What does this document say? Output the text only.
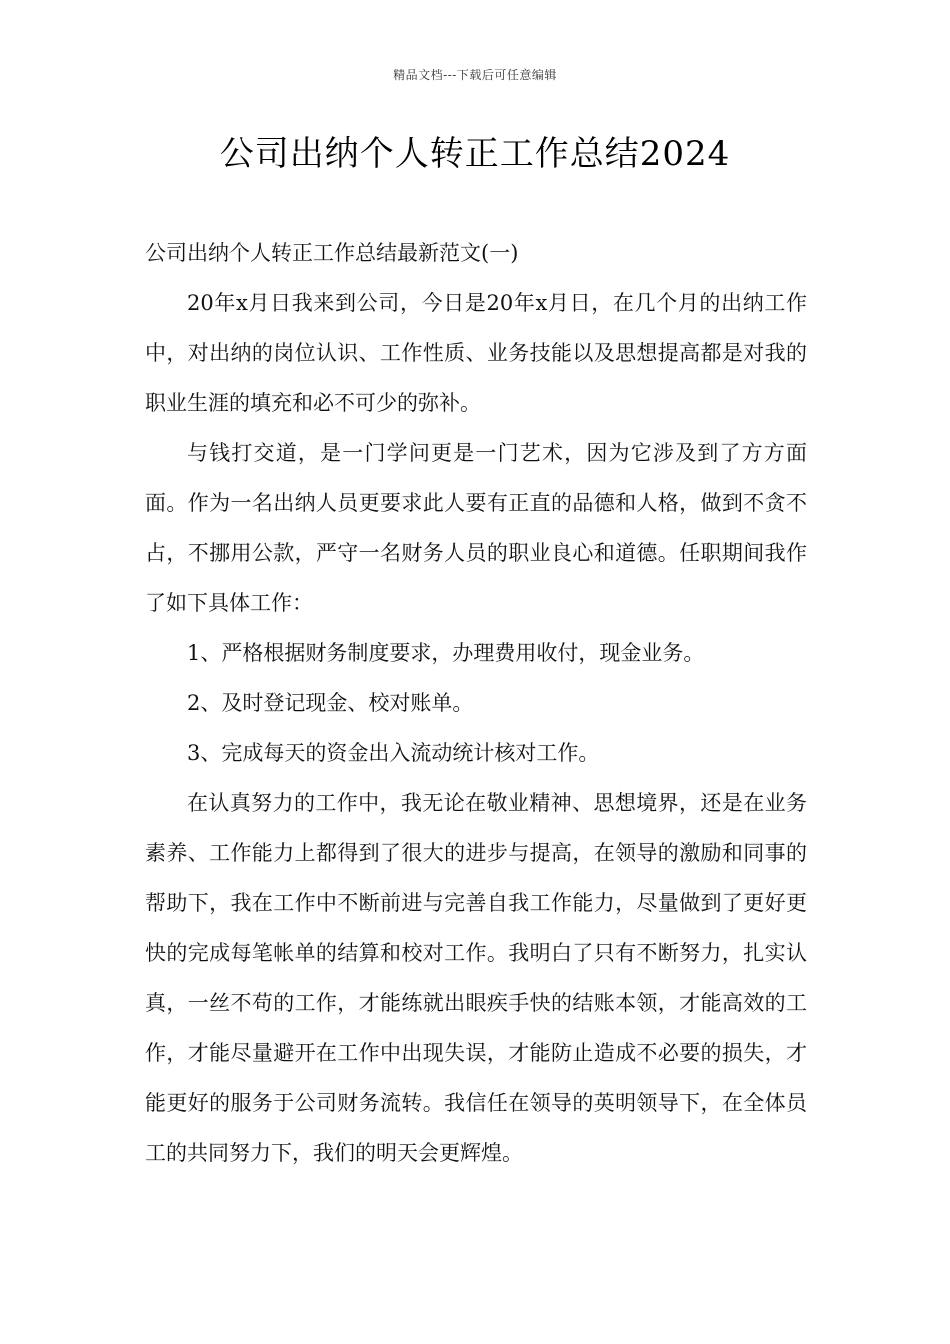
精品文档---下载后可任意编辑
公司出纳个人转正工作总结2024

公司出纳个人转正工作总结最新范文(一)

20年x月日我来到公司，今日是20年x月日，在几个月的出纳工作中，对出纳的岗位认识、工作性质、业务技能以及思想提高都是对我的职业生涯的填充和必不可少的弥补。

与钱打交道，是一门学问更是一门艺术，因为它涉及到了方方面面。作为一名出纳人员更要求此人要有正直的品德和人格，做到不贪不占，不挪用公款，严守一名财务人员的职业良心和道德。任职期间我作了如下具体工作：

1、严格根据财务制度要求，办理费用收付，现金业务。

2、及时登记现金、校对账单。

3、完成每天的资金出入流动统计核对工作。

在认真努力的工作中，我无论在敬业精神、思想境界，还是在业务素养、工作能力上都得到了很大的进步与提高，在领导的激励和同事的帮助下，我在工作中不断前进与完善自我工作能力，尽量做到了更好更快的完成每笔帐单的结算和校对工作。我明白了只有不断努力，扎实认真，一丝不苟的工作，才能练就出眼疾手快的结账本领，才能高效的工作，才能尽量避开在工作中出现失误，才能防止造成不必要的损失，才能更好的服务于公司财务流转。我信任在领导的英明领导下，在全体员工的共同努力下，我们的明天会更辉煌。
